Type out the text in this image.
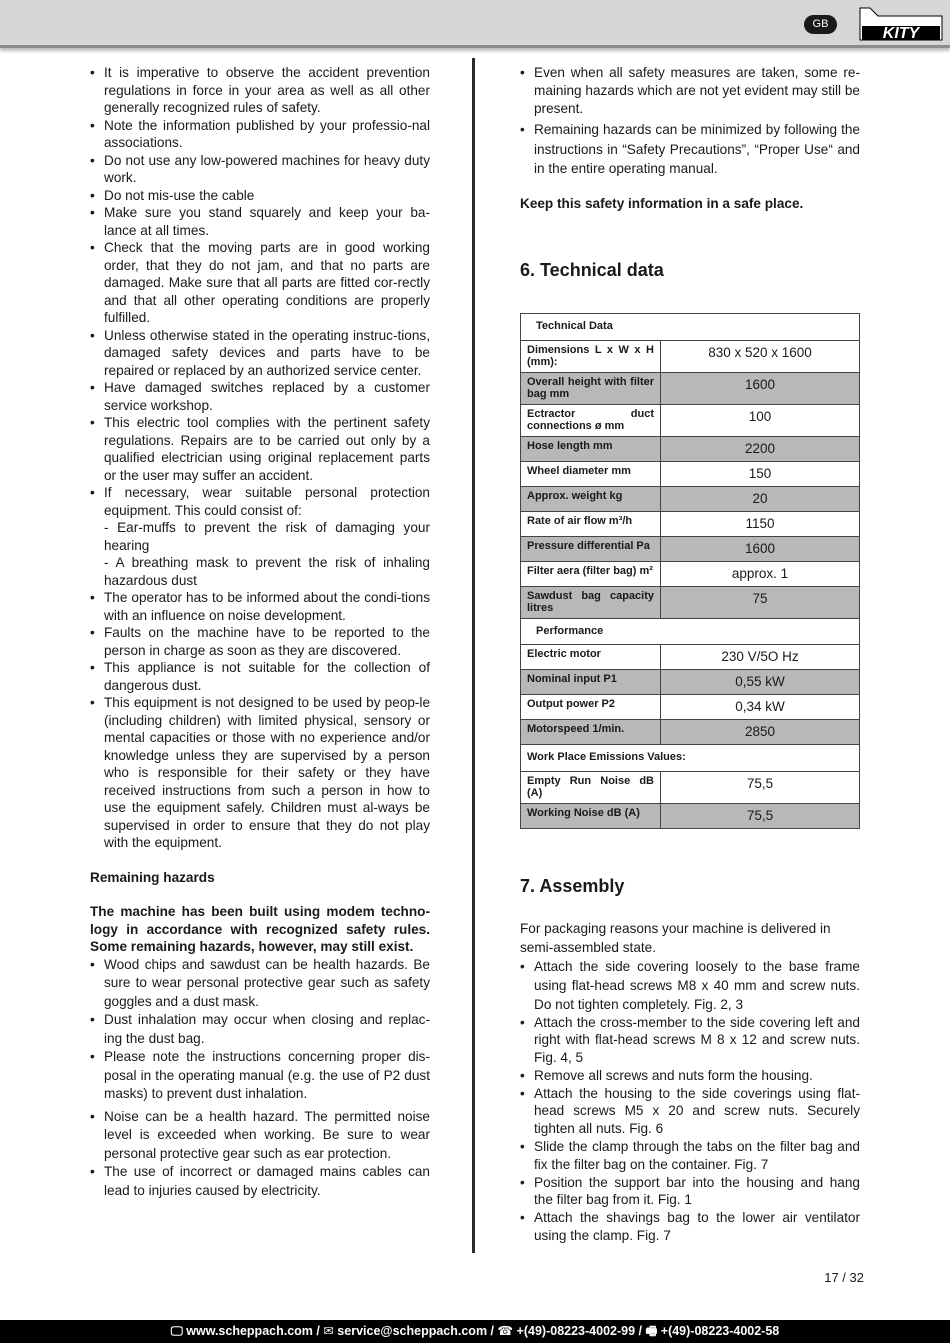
GB
KITY
• It is imperative to observe the accident prevention regulations in force in your area as well as all other generally recognized rules of safety.
• Note the information published by your professio-nal associations.
• Do not use any low-powered machines for heavy duty work.
• Do not mis-use the cable
• Make sure you stand squarely and keep your ba-lance at all times.
• Check that the moving parts are in good working order, that they do not jam, and that no parts are damaged. Make sure that all parts are fitted cor-rectly and that all other operating conditions are properly fulfilled.
• Unless otherwise stated in the operating instruc-tions, damaged safety devices and parts have to be repaired or replaced by an authorized service center.
• Have damaged switches replaced by a customer service workshop.
• This electric tool complies with the pertinent safety regulations. Repairs are to be carried out only by a qualified electrician using original replacement parts or the user may suffer an accident.
• If necessary, wear suitable personal protection equipment. This could consist of:
- Ear-muffs to prevent the risk of damaging your hearing
- A breathing mask to prevent the risk of inhaling hazardous dust
• The operator has to be informed about the condi-tions with an influence on noise development.
• Faults on the machine have to be reported to the person in charge as soon as they are discovered.
• This appliance is not suitable for the collection of dangerous dust.
• This equipment is not designed to be used by peop-le (including children) with limited physical, sensory or mental capacities or those with no experience and/or knowledge unless they are supervised by a person who is responsible for their safety or they have received instructions from such a person in how to use the equipment safely. Children must al-ways be supervised in order to ensure that they do not play with the equipment.

Remaining hazards

The machine has been built using modem techno-logy in accordance with recognized safety rules. Some remaining hazards, however, may still exist.

• Wood chips and sawdust can be health hazards. Be sure to wear personal protective gear such as safety goggles and a dust mask.
• Dust inhalation may occur when closing and replac-ing the dust bag.
• Please note the instructions concerning proper dis-posal in the operating manual (e.g. the use of P2 dust masks) to prevent dust inhalation.
• Noise can be a health hazard. The permitted noise level is exceeded when working. Be sure to wear personal protective gear such as ear protection.
• The use of incorrect or damaged mains cables can lead to injuries caused by electricity.
• Even when all safety measures are taken, some re-maining hazards which are not yet evident may still be present.
• Remaining hazards can be minimized by following the instructions in “Safety Precautions”, “Proper Use“ and in the entire operating manual.

Keep this safety information in a safe place.

6. Technical data
Technical Data	
Dimensions L x W x H (mm):	830 x 520 x 1600
Overall height with filter bag mm	1600
Ectractor duct connections ø mm	100
Hose length mm	2200
Wheel diameter mm	150
Approx. weight kg	20
Rate of air flow m³/h	1150
Pressure differential Pa	1600
Filter aera (filter bag) m²	approx. 1
Sawdust bag capacity litres	75
Performance	
Electric motor	230 V/5O Hz
Nominal input P1	0,55 kW
Output power P2	0,34 kW
Motorspeed 1/min.	2850
Work Place Emissions Values:	
Empty Run Noise dB (A)	75,5
Working Noise dB (A)	75,5
7. Assembly

For packaging reasons your machine is delivered in semi-assembled state.

• Attach the side covering loosely to the base frame using flat-head screws M8 x 40 mm and screw nuts. Do not tighten completely. Fig. 2, 3
• Attach the cross-member to the side covering left and right with flat-head screws M 8 x 12 and screw nuts. Fig. 4, 5
• Remove all screws and nuts form the housing.
• Attach the housing to the side coverings using flat-head screws M5 x 20 and screw nuts. Securely tighten all nuts. Fig. 6
• Slide the clamp through the tabs on the filter bag and fix the filter bag on the container. Fig. 7
• Position the support bar into the housing and hang the filter bag from it. Fig. 1
• Attach the shavings bag to the lower air ventilator using the clamp. Fig. 7
17 / 32
🖵 www.scheppach.com / ✉ service@scheppach.com / ☎ +(49)-08223-4002-99 / 🖷 +(49)-08223-4002-58
